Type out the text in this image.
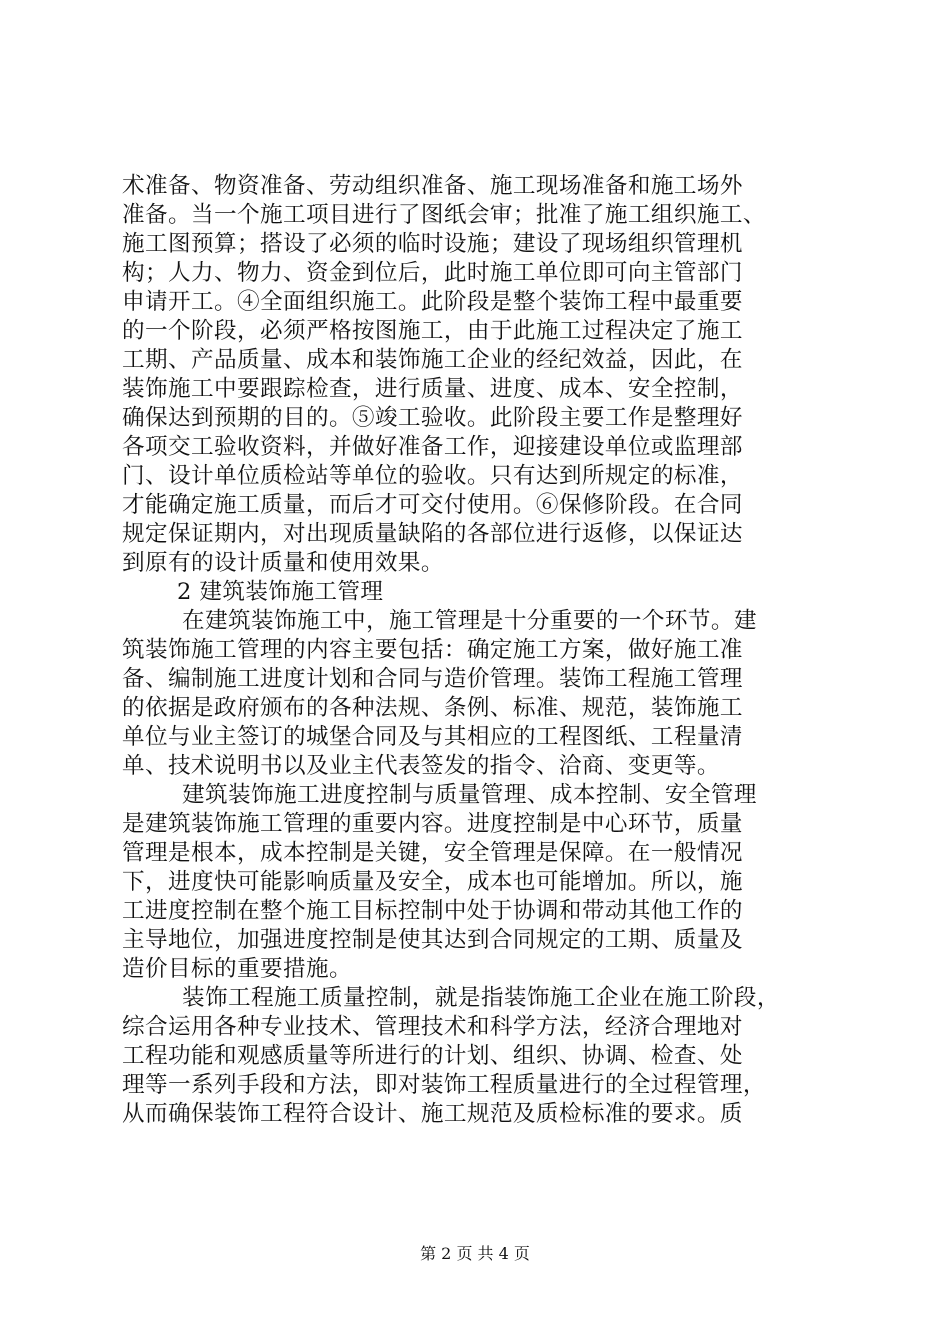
术准备、物资准备、劳动组织准备、施工现场准备和施工场外
准备。当一个施工项目进行了图纸会审；批准了施工组织施工、
施工图预算；搭设了必须的临时设施；建设了现场组织管理机
构；人力、物力、资金到位后，此时施工单位即可向主管部门
申请开工。④全面组织施工。此阶段是整个装饰工程中最重要
的一个阶段，必须严格按图施工，由于此施工过程决定了施工
工期、产品质量、成本和装饰施工企业的经纪效益，因此，在
装饰施工中要跟踪检查，进行质量、进度、成本、安全控制，
确保达到预期的目的。⑤竣工验收。此阶段主要工作是整理好
各项交工验收资料，并做好准备工作，迎接建设单位或监理部
门、设计单位质检站等单位的验收。只有达到所规定的标准，
才能确定施工质量，而后才可交付使用。⑥保修阶段。在合同
规定保证期内，对出现质量缺陷的各部位进行返修，以保证达
到原有的设计质量和使用效果。
2 建筑装饰施工管理
在建筑装饰施工中，施工管理是十分重要的一个环节。建
筑装饰施工管理的内容主要包括：确定施工方案，做好施工准
备、编制施工进度计划和合同与造价管理。装饰工程施工管理
的依据是政府颁布的各种法规、条例、标准、规范，装饰施工
单位与业主签订的城堡合同及与其相应的工程图纸、工程量清
单、技术说明书以及业主代表签发的指令、洽商、变更等。
建筑装饰施工进度控制与质量管理、成本控制、安全管理
是建筑装饰施工管理的重要内容。进度控制是中心环节，质量
管理是根本，成本控制是关键，安全管理是保障。在一般情况
下，进度快可能影响质量及安全，成本也可能增加。所以，施
工进度控制在整个施工目标控制中处于协调和带动其他工作的
主导地位，加强进度控制是使其达到合同规定的工期、质量及
造价目标的重要措施。
装饰工程施工质量控制，就是指装饰施工企业在施工阶段，
综合运用各种专业技术、管理技术和科学方法，经济合理地对
工程功能和观感质量等所进行的计划、组织、协调、检查、处
理等一系列手段和方法，即对装饰工程质量进行的全过程管理，
从而确保装饰工程符合设计、施工规范及质检标准的要求。质
第 2 页 共 4 页
